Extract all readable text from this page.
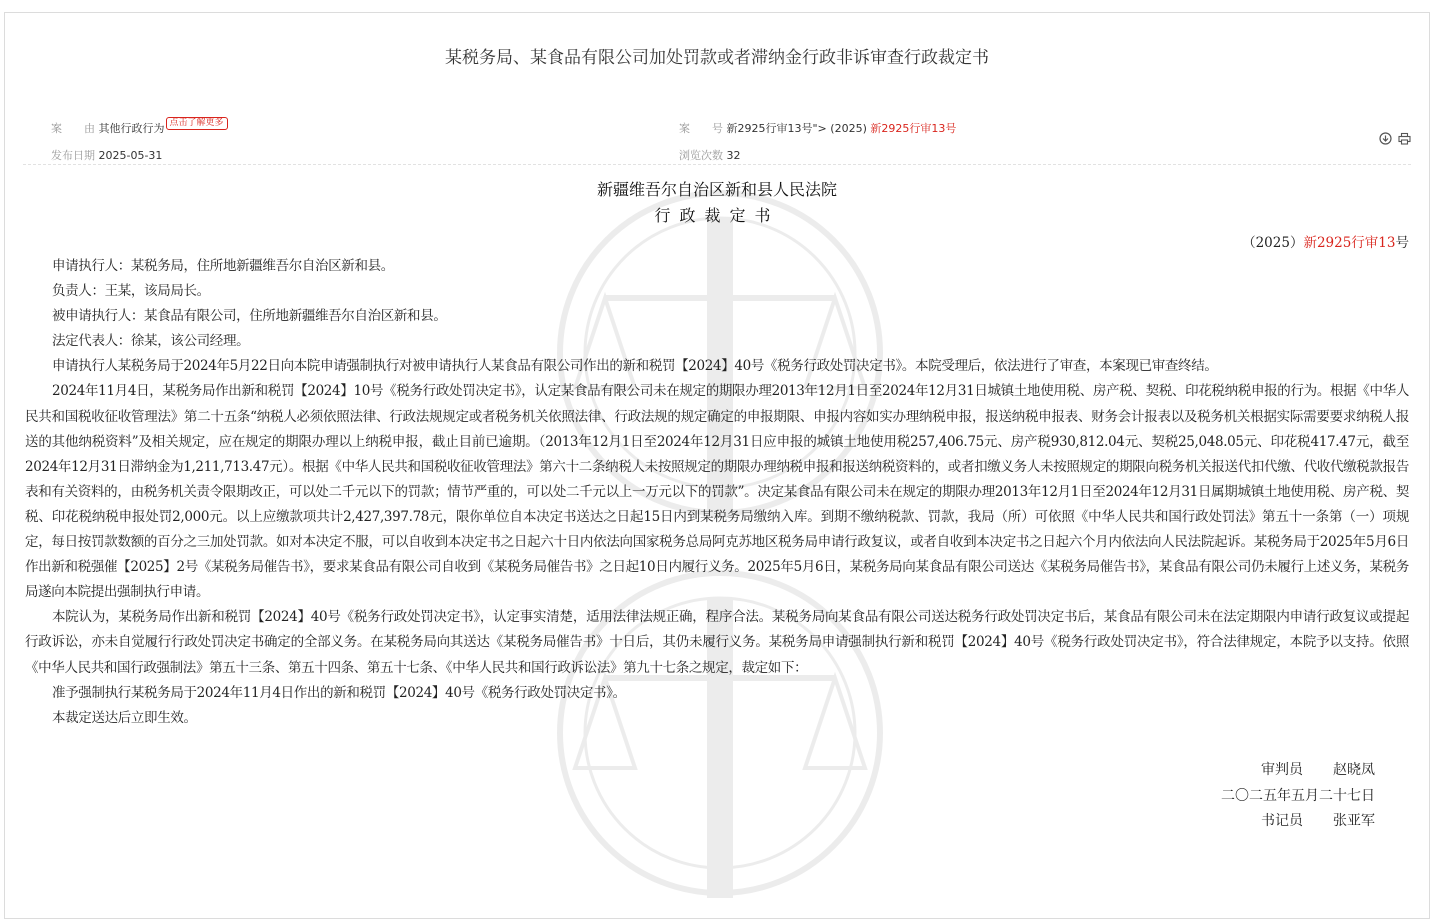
某税务局、某食品有限公司加处罚款或者滞纳金行政非诉审查行政裁定书
案　　由 其他行政行为 点击了解更多	案　　号 新2925行审13号"> (2025) 新2925行审13号
发布日期 2025-05-31	浏览次数 32
新疆维吾尔自治区新和县人民法院
行政裁定书
（2025）新2925行审13号

申请执行人：某税务局，住所地新疆维吾尔自治区新和县。

负责人：王某，该局局长。

被申请执行人：某食品有限公司，住所地新疆维吾尔自治区新和县。

法定代表人：徐某，该公司经理。

申请执行人某税务局于2024年5月22日向本院申请强制执行对被申请执行人某食品有限公司作出的新和税罚【2024】40号《税务行政处罚决定书》。本院受理后，依法进行了审查，本案现已审查终结。

2024年11月4日，某税务局作出新和税罚【2024】10号《税务行政处罚决定书》，认定某食品有限公司未在规定的期限办理2013年12月1日至2024年12月31日城镇土地使用税、房产税、契税、印花税纳税申报的行为。根据《中华人民共和国税收征收管理法》第二十五条“纳税人必须依照法律、行政法规规定或者税务机关依照法律、行政法规的规定确定的申报期限、申报内容如实办理纳税申报，报送纳税申报表、财务会计报表以及税务机关根据实际需要要求纳税人报送的其他纳税资料”及相关规定，应在规定的期限办理以上纳税申报，截止目前已逾期。（2013年12月1日至2024年12月31日应申报的城镇土地使用税257,406.75元、房产税930,812.04元、契税25,048.05元、印花税417.47元，截至2024年12月31日滞纳金为1,211,713.47元）。根据《中华人民共和国税收征收管理法》第六十二条纳税人未按照规定的期限办理纳税申报和报送纳税资料的，或者扣缴义务人未按照规定的期限向税务机关报送代扣代缴、代收代缴税款报告表和有关资料的，由税务机关责令限期改正，可以处二千元以下的罚款；情节严重的，可以处二千元以上一万元以下的罚款”。决定某食品有限公司未在规定的期限办理2013年12月1日至2024年12月31日属期城镇土地使用税、房产税、契税、印花税纳税申报处罚2,000元。以上应缴款项共计2,427,397.78元，限你单位自本决定书送达之日起15日内到某税务局缴纳入库。到期不缴纳税款、罚款，我局（所）可依照《中华人民共和国行政处罚法》第五十一条第（一）项规定，每日按罚款数额的百分之三加处罚款。如对本决定不服，可以自收到本决定书之日起六十日内依法向国家税务总局阿克苏地区税务局申请行政复议，或者自收到本决定书之日起六个月内依法向人民法院起诉。某税务局于2025年5月6日作出新和税强催【2025】2号《某税务局催告书》，要求某食品有限公司自收到《某税务局催告书》之日起10日内履行义务。2025年5月6日，某税务局向某食品有限公司送达《某税务局催告书》，某食品有限公司仍未履行上述义务，某税务局遂向本院提出强制执行申请。

本院认为，某税务局作出新和税罚【2024】40号《税务行政处罚决定书》，认定事实清楚，适用法律法规正确，程序合法。某税务局向某食品有限公司送达税务行政处罚决定书后，某食品有限公司未在法定期限内申请行政复议或提起行政诉讼，亦未自觉履行行政处罚决定书确定的全部义务。在某税务局向其送达《某税务局催告书》十日后，其仍未履行义务。某税务局申请强制执行新和税罚【2024】40号《税务行政处罚决定书》，符合法律规定，本院予以支持。依照《中华人民共和国行政强制法》第五十三条、第五十四条、第五十七条、《中华人民共和国行政诉讼法》第九十七条之规定，裁定如下：

准予强制执行某税务局于2024年11月4日作出的新和税罚【2024】40号《税务行政处罚决定书》。

本裁定送达后立即生效。

审判员 赵晓凤
二〇二五年五月二十七日
书记员 张亚军
